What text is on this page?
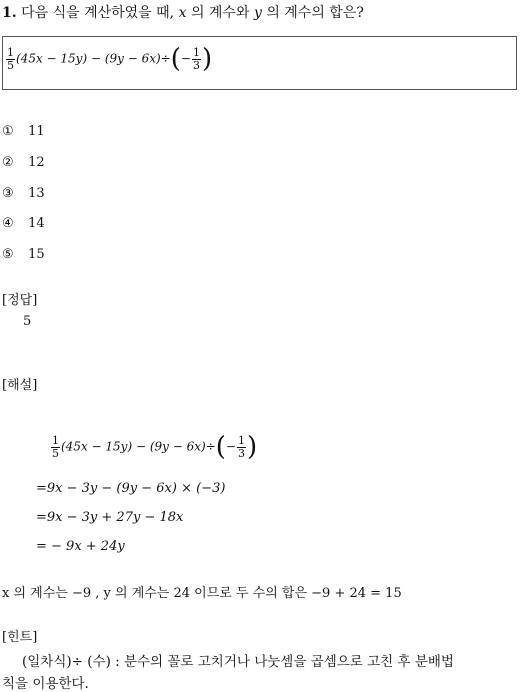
1. 다음 식을 계산하였을 때, x 의 계수와 y 의 계수의 합은?
$\frac{1}{5} (45x - 15y) - (9y - 6x)\div(- \frac{1}{3}$ )
① 11
② 12
③ 13
④ 14
⑤ 15
[정답]
5
[해설]
$\frac{1}{5} (45x - 15y) - (9y - 6x)\div(- \frac{1}{3}$ )
=9x − 3y − (9y − 6x) × (−3)
=9x − 3y + 27y − 18x
= − 9x + 24y
x 의 계수는 −9 , y 의 계수는 24 이므로 두 수의 합은 −9 + 24 = 15
[힌트]
(일차식)÷ (수) : 분수의 꼴로 고치거나 나눗셈을 곱셈으로 고친 후 분배법
칙을 이용한다.
